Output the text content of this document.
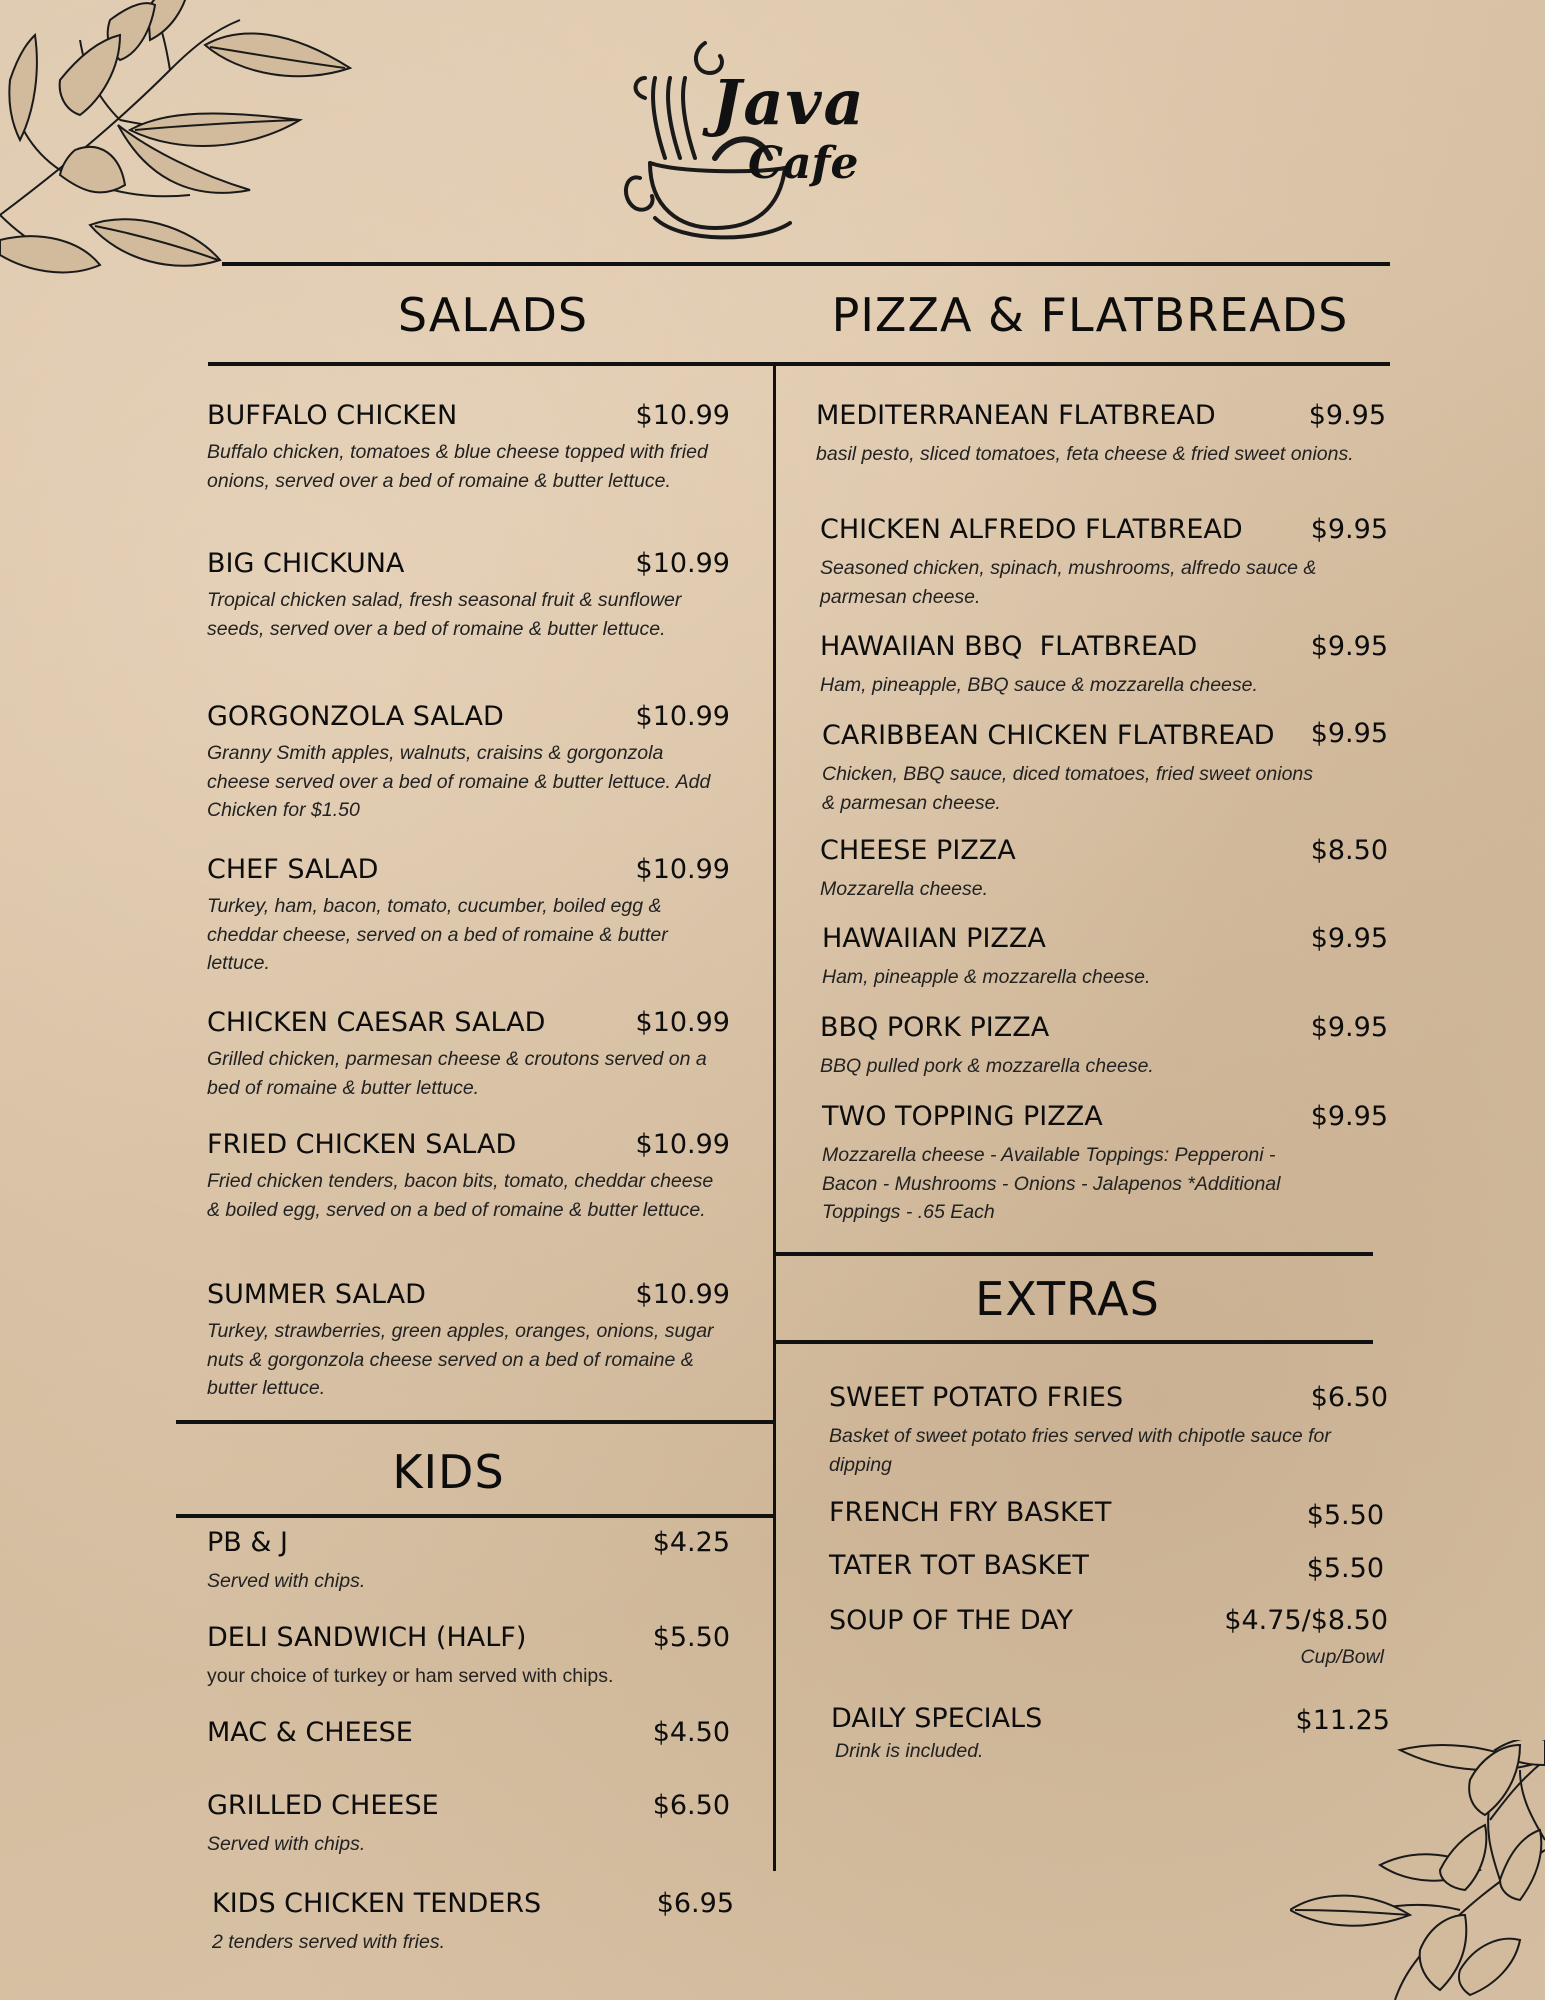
Java
Cafe
SALADS	PIZZA & FLATBREADS
KIDS
EXTRAS
BUFFALO CHICKEN	$10.99
Buffalo chicken, tomatoes & blue cheese topped with fried onions, served over a bed of romaine & butter lettuce.
BIG CHICKUNA	$10.99
Tropical chicken salad, fresh seasonal fruit & sunflower seeds, served over a bed of romaine & butter lettuce.
GORGONZOLA SALAD	$10.99
Granny Smith apples, walnuts, craisins & gorgonzola cheese served over a bed of romaine & butter lettuce. Add Chicken for $1.50
CHEF SALAD	$10.99
Turkey, ham, bacon, tomato, cucumber, boiled egg & cheddar cheese, served on a bed of romaine & butter lettuce.
CHICKEN CAESAR SALAD	$10.99
Grilled chicken, parmesan cheese & croutons served on a bed of romaine & butter lettuce.
FRIED CHICKEN SALAD	$10.99
Fried chicken tenders, bacon bits, tomato, cheddar cheese & boiled egg, served on a bed of romaine & butter lettuce.
SUMMER SALAD	$10.99
Turkey, strawberries, green apples, oranges, onions, sugar nuts & gorgonzola cheese served on a bed of romaine & butter lettuce.
PB & J	$4.25
Served with chips.
DELI SANDWICH (HALF)	$5.50
your choice of turkey or ham served with chips.
MAC & CHEESE	$4.50
GRILLED CHEESE	$6.50
Served with chips.
KIDS CHICKEN TENDERS	$6.95
2 tenders served with fries.
MEDITERRANEAN FLATBREAD	$9.95
basil pesto, sliced tomatoes, feta cheese & fried sweet onions.
CHICKEN ALFREDO FLATBREAD	$9.95
Seasoned chicken, spinach, mushrooms, alfredo sauce & parmesan cheese.
HAWAIIAN BBQ  FLATBREAD	$9.95
Ham, pineapple, BBQ sauce & mozzarella cheese.
CARIBBEAN CHICKEN FLATBREAD $9.95
Chicken, BBQ sauce, diced tomatoes, fried sweet onions & parmesan cheese.
CHEESE PIZZA	$8.50
Mozzarella cheese.
HAWAIIAN PIZZA	$9.95
Ham, pineapple & mozzarella cheese.
BBQ PORK PIZZA	$9.95
BBQ pulled pork & mozzarella cheese.
TWO TOPPING PIZZA	$9.95
Mozzarella cheese - Available Toppings: Pepperoni - Bacon - Mushrooms - Onions - Jalapenos *Additional Toppings - .65 Each
SWEET POTATO FRIES	$6.50
Basket of sweet potato fries served with chipotle sauce for dipping
FRENCH FRY BASKET	$5.50
TATER TOT BASKET	$5.50
SOUP OF THE DAY	$4.75/$8.50
Cup/Bowl
DAILY SPECIALS	$11.25
Drink is included.
